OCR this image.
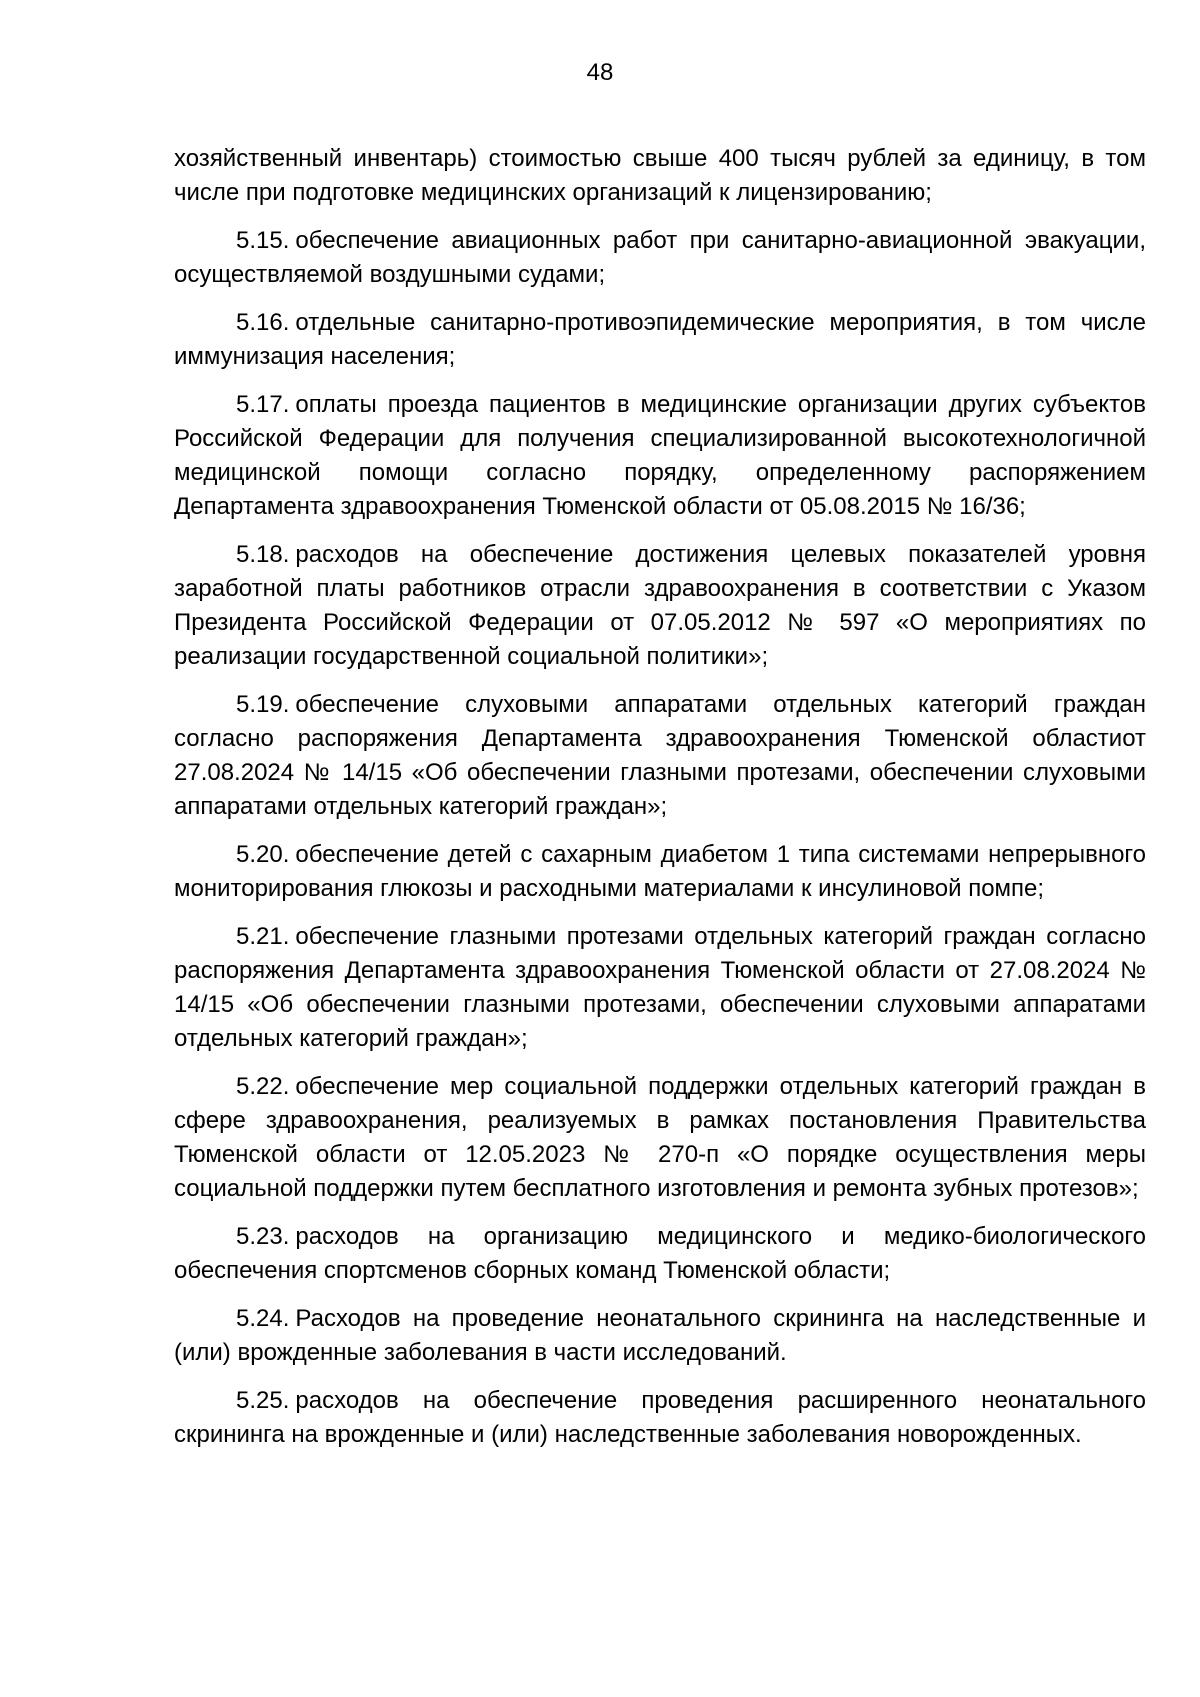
48

хозяйственный инвентарь) стоимостью свыше 400 тысяч рублей за единицу, в том числе при подготовке медицинских организаций к лицензированию;

5.15. обеспечение авиационных работ при санитарно-авиационной эвакуации, осуществляемой воздушными судами;

5.16. отдельные санитарно-противоэпидемические мероприятия, в том числе иммунизация населения;

5.17. оплаты проезда пациентов в медицинские организации других субъектов Российской Федерации для получения специализированной высокотехнологичной медицинской помощи согласно порядку, определенному распоряжением Департамента здравоохранения Тюменской области от 05.08.2015 № 16/36;

5.18. расходов на обеспечение достижения целевых показателей уровня заработной платы работников отрасли здравоохранения в соответствии с Указом Президента Российской Федерации от 07.05.2012 № 597 «О мероприятиях по реализации государственной социальной политики»;

5.19. обеспечение слуховыми аппаратами отдельных категорий граждан согласно распоряжения Департамента здравоохранения Тюменской областиот 27.08.2024 № 14/15 «Об обеспечении глазными протезами, обеспечении слуховыми аппаратами отдельных категорий граждан»;

5.20. обеспечение детей с сахарным диабетом 1 типа системами непрерывного мониторирования глюкозы и расходными материалами к инсулиновой помпе;

5.21. обеспечение глазными протезами отдельных категорий граждан согласно распоряжения Департамента здравоохранения Тюменской области от 27.08.2024 № 14/15 «Об обеспечении глазными протезами, обеспечении слуховыми аппаратами отдельных категорий граждан»;

5.22. обеспечение мер социальной поддержки отдельных категорий граждан в сфере здравоохранения, реализуемых в рамках постановления Правительства Тюменской области от 12.05.2023 № 270-п «О порядке осуществления меры социальной поддержки путем бесплатного изготовления и ремонта зубных протезов»;

5.23. расходов на организацию медицинского и медико-биологического обеспечения спортсменов сборных команд Тюменской области;

5.24. Расходов на проведение неонатального скрининга на наследственные и (или) врожденные заболевания в части исследований.

5.25. расходов на обеспечение проведения расширенного неонатального скрининга на врожденные и (или) наследственные заболевания новорожденных.
